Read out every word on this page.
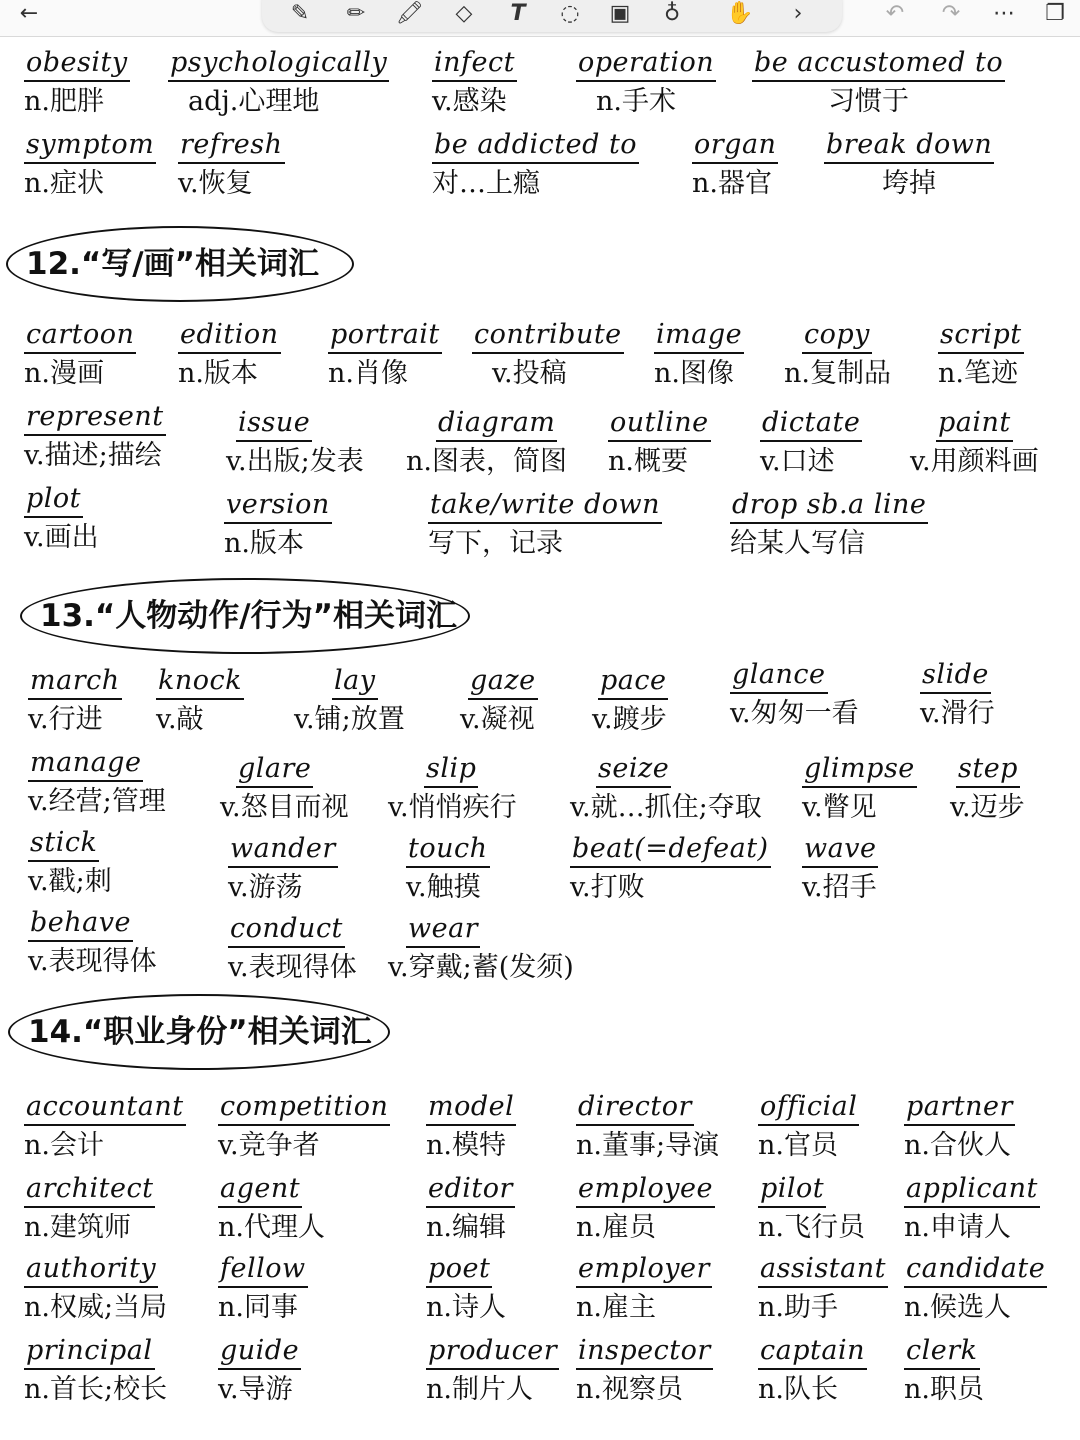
←	✎	✏	🖍	◇	T	◌	▣	♁	✋	›	↶ ↷ ⋯ ❐
obesity
n.肥胖
psychologically
adj.心理地
infect
v.感染
operation
n.手术
be accustomed to
习惯于
symptom
n.症状
refresh
v.恢复
be addicted to
对…上瘾
organ
n.器官
break down
垮掉
12.“写/画”相关词汇
cartoon
n.漫画
edition
n.版本
portrait
n.肖像
contribute
v.投稿
image
n.图像
copy
n.复制品
script
n.笔迹
represent
v.描述;描绘
issue
v.出版;发表
diagram
n.图表，简图
outline
n.概要
dictate
v.口述
paint
v.用颜料画
plot
v.画出
version
n.版本
take/write down
写下，记录
drop sb.a line
给某人写信
13.“人物动作/行为”相关词汇
march
v.行进
knock
v.敲
lay
v.铺;放置
gaze
v.凝视
pace
v.踱步
glance
v.匆匆一看
slide
v.滑行
manage
v.经营;管理
glare
v.怒目而视
slip
v.悄悄疾行
seize
v.就…抓住;夺取
glimpse
v.瞥见
step
v.迈步
stick
v.戳;刺
wander
v.游荡
touch
v.触摸
beat(=defeat)
v.打败
wave
v.招手
behave
v.表现得体
conduct
v.表现得体
wear
v.穿戴;蓄(发须)
14.“职业身份”相关词汇
accountant
n.会计
competition
v.竞争者
model
n.模特
director
n.董事;导演
official
n.官员
partner
n.合伙人
architect
n.建筑师
agent
n.代理人
editor
n.编辑
employee
n.雇员
pilot
n.飞行员
applicant
n.申请人
authority
n.权威;当局
fellow
n.同事
poet
n.诗人
employer
n.雇主
assistant
n.助手
candidate
n.候选人
principal
n.首长;校长
guide
v.导游
producer
n.制片人
inspector
n.视察员
captain
n.队长
clerk
n.职员
